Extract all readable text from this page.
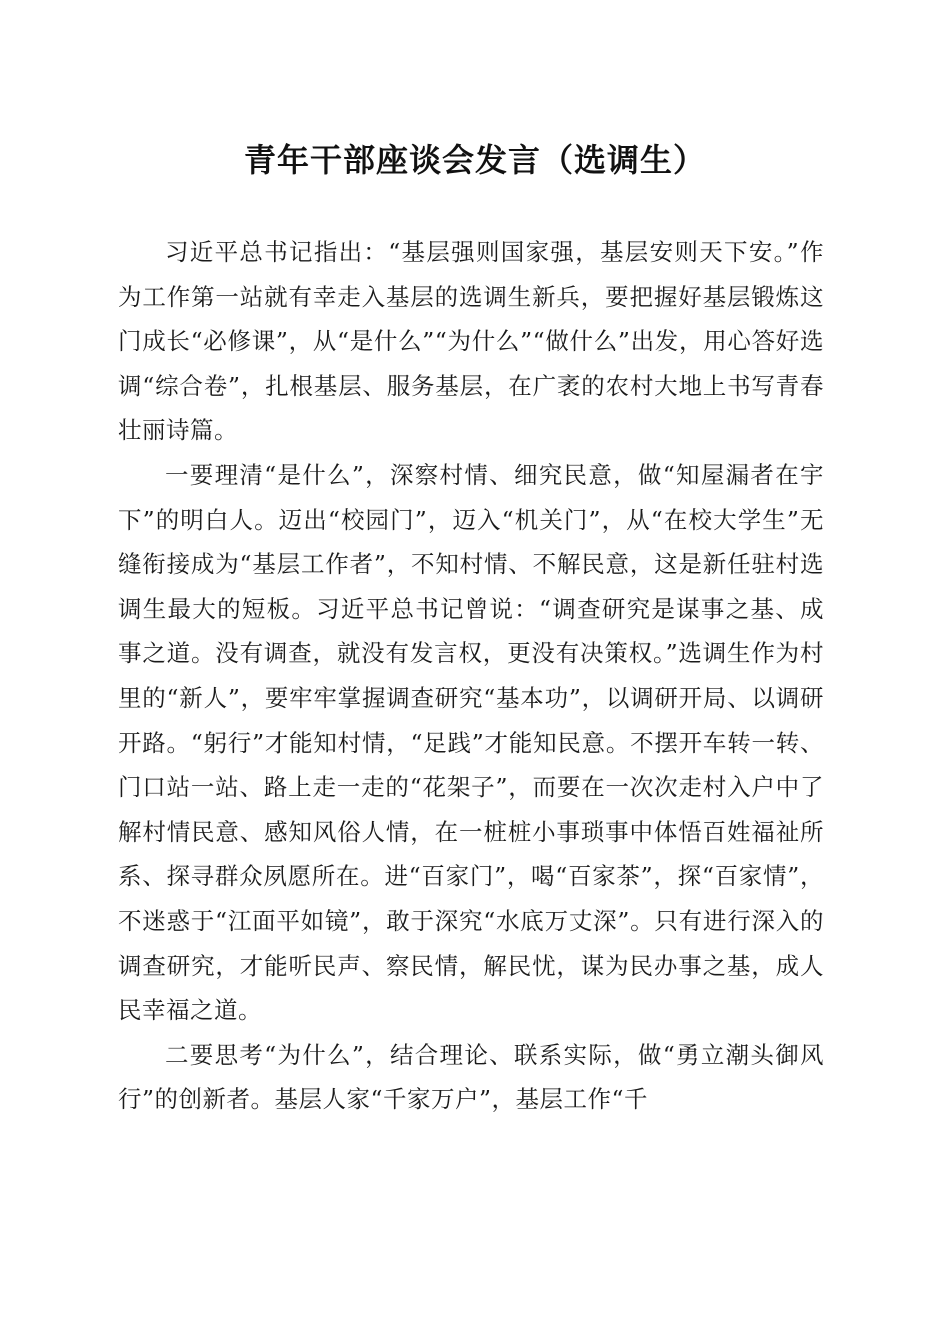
青年干部座谈会发言（选调生）

习近平总书记指出：“基层强则国家强，基层安则天下安。”作为工作第一站就有幸走入基层的选调生新兵，要把握好基层锻炼这门成长“必修课”，从“是什么”“为什么”“做什么”出发，用心答好选调“综合卷”，扎根基层、服务基层，在广袤的农村大地上书写青春壮丽诗篇。

一要理清“是什么”，深察村情、细究民意，做“知屋漏者在宇下”的明白人。迈出“校园门”，迈入“机关门”，从“在校大学生”无缝衔接成为“基层工作者”，不知村情、不解民意，这是新任驻村选调生最大的短板。习近平总书记曾说：“调查研究是谋事之基、成事之道。没有调查，就没有发言权，更没有决策权。”选调生作为村里的“新人”，要牢牢掌握调查研究“基本功”，以调研开局、以调研开路。“躬行”才能知村情，“足践”才能知民意。不摆开车转一转、门口站一站、路上走一走的“花架子”，而要在一次次走村入户中了解村情民意、感知风俗人情，在一桩桩小事琐事中体悟百姓福祉所系、探寻群众夙愿所在。进“百家门”，喝“百家茶”，探“百家情”，不迷惑于“江面平如镜”，敢于深究“水底万丈深”。只有进行深入的调查研究，才能听民声、察民情，解民忧，谋为民办事之基，成人民幸福之道。

二要思考“为什么”，结合理论、联系实际，做“勇立潮头御风行”的创新者。基层人家“千家万户”，基层工作“千
